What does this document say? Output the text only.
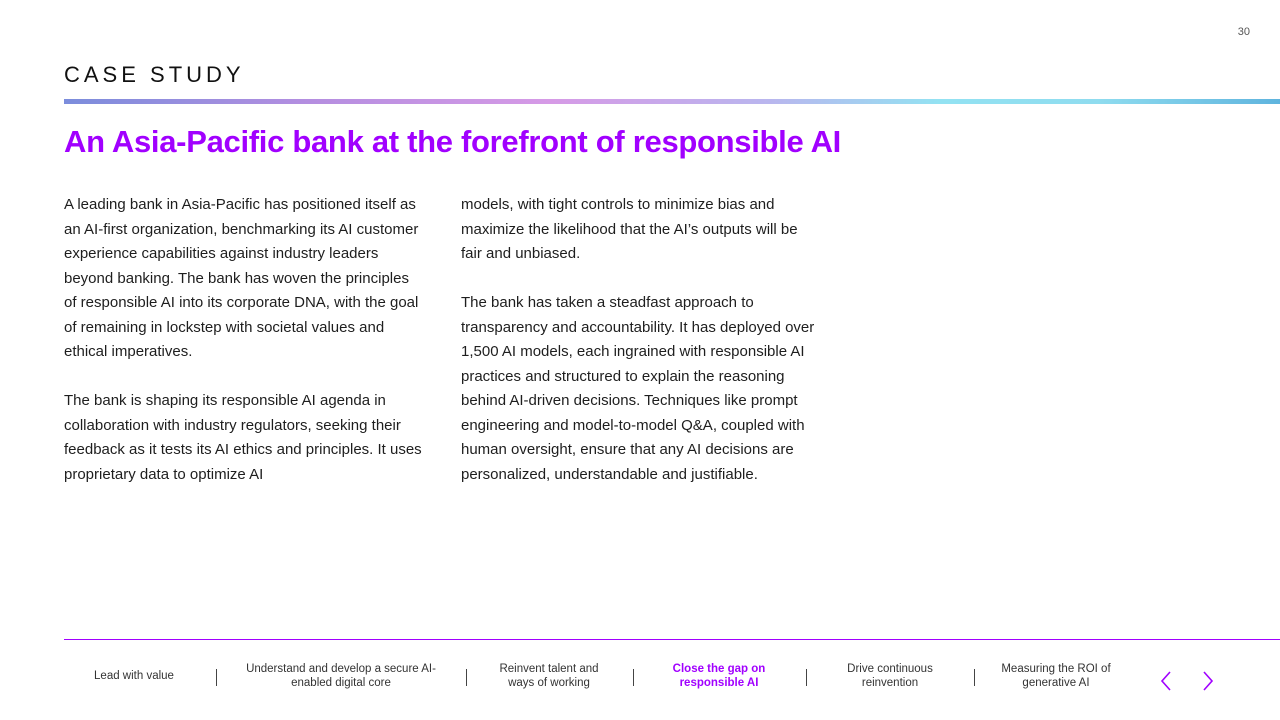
30
CASE STUDY
An Asia-Pacific bank at the forefront of responsible AI

A leading bank in Asia-Pacific has positioned itself as an AI-first organization, benchmarking its AI customer experience capabilities against industry leaders beyond banking. The bank has woven the principles of responsible AI into its corporate DNA, with the goal of remaining in lockstep with societal values and ethical imperatives.

The bank is shaping its responsible AI agenda in collaboration with industry regulators, seeking their feedback as it tests its AI ethics and principles. It uses proprietary data to optimize AI

models, with tight controls to minimize bias and maximize the likelihood that the AI’s outputs will be fair and unbiased.

The bank has taken a steadfast approach to transparency and accountability. It has deployed over 1,500 AI models, each ingrained with responsible AI practices and structured to explain the reasoning behind AI-driven decisions. Techniques like prompt engineering and model-to-model Q&A, coupled with human oversight, ensure that any AI decisions are personalized, understandable and justifiable.

Lead with value
Understand and develop a secure AI-enabled digital core
Reinvent talent and ways of working
Close the gap on responsible AI
Drive continuous reinvention
Measuring the ROI of generative AI
